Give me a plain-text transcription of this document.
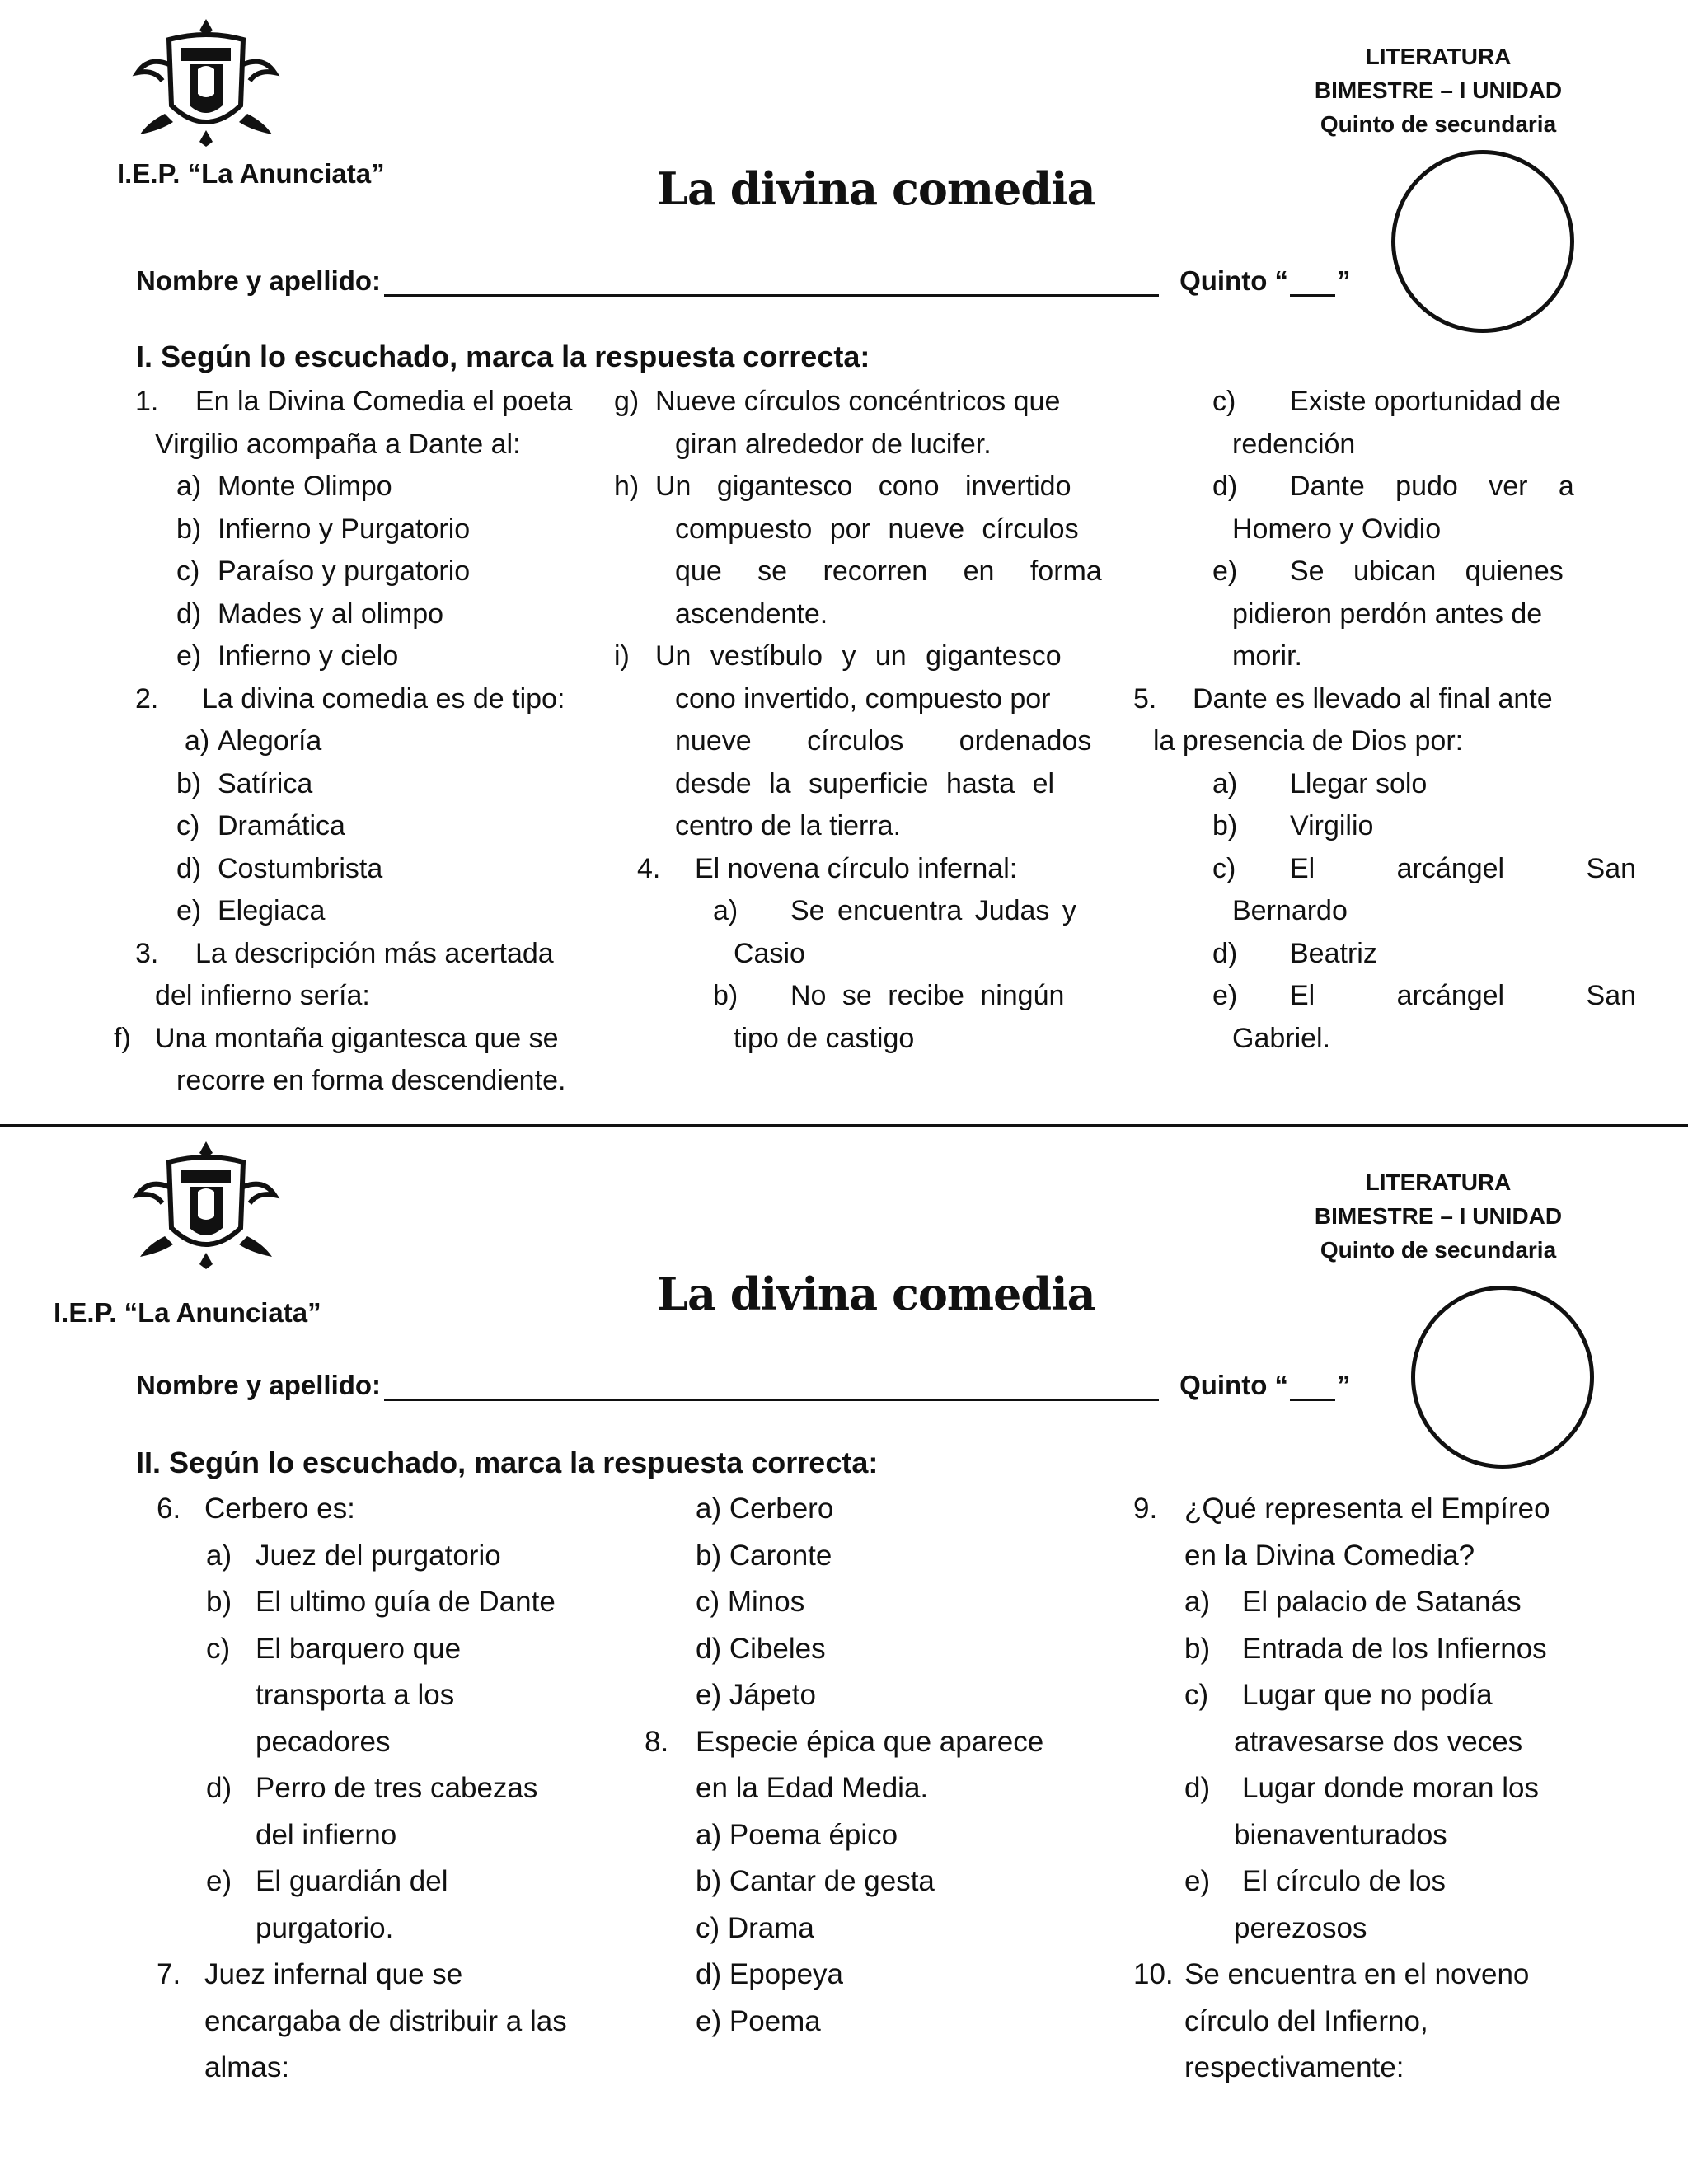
I.E.P. “La Anunciata”
LITERATURA
BIMESTRE – I UNIDAD
Quinto de secundaria
La divina comedia
Nombre y apellido:	Quinto “ ”
I. Según lo escuchado, marca la respuesta correcta:
1. En la Divina Comedia el poeta
Virgilio acompaña a Dante al:
a) Monte Olimpo
b) Infierno y Purgatorio
c) Paraíso y purgatorio
d) Mades y al olimpo
e) Infierno y cielo
2. La divina comedia es de tipo:
a) Alegoría
b) Satírica
c) Dramática
d) Costumbrista
e) Elegiaca
3. La descripción más acertada
del infierno sería:
f) Una montaña gigantesca que se
recorre en forma descendiente.
g) Nueve círculos concéntricos que
giran alrededor de lucifer.
h) Un gigantesco cono invertido
compuesto por nueve círculos
que se recorren en forma
ascendente.
i) Un vestíbulo y un gigantesco
cono invertido, compuesto por
nueve círculos ordenados
desde la superficie hasta el
centro de la tierra.
4. El novena círculo infernal:
a) Se encuentra Judas y
Casio
b) No se recibe ningún
tipo de castigo
c) Existe oportunidad de
redención
d) Dante pudo ver a
Homero y Ovidio
e) Se ubican quienes
pidieron perdón antes de
morir.
5. Dante es llevado al final ante
la presencia de Dios por:
a) Llegar solo
b) Virgilio
c) El arcángel San
Bernardo
d) Beatriz
e) El arcángel San
Gabriel.
I.E.P. “La Anunciata”
LITERATURA
BIMESTRE – I UNIDAD
Quinto de secundaria
La divina comedia
Nombre y apellido:	Quinto “ ”
II. Según lo escuchado, marca la respuesta correcta:
6. Cerbero es:
a) Juez del purgatorio
b) El ultimo guía de Dante
c) El barquero que
transporta a los
pecadores
d) Perro de tres cabezas
del infierno
e) El guardián del
purgatorio.
7. Juez infernal que se
encargaba de distribuir a las
almas:
a) Cerbero
b) Caronte
c) Minos
d) Cibeles
e) Jápeto
8. Especie épica que aparece
en la Edad Media.
a) Poema épico
b) Cantar de gesta
c) Drama
d) Epopeya
e) Poema
9. ¿Qué representa el Empíreo
en la Divina Comedia?
a) El palacio de Satanás
b) Entrada de los Infiernos
c) Lugar que no podía
atravesarse dos veces
d) Lugar donde moran los
bienaventurados
e) El círculo de los
perezosos
10. Se encuentra en el noveno
círculo del Infierno,
respectivamente:
